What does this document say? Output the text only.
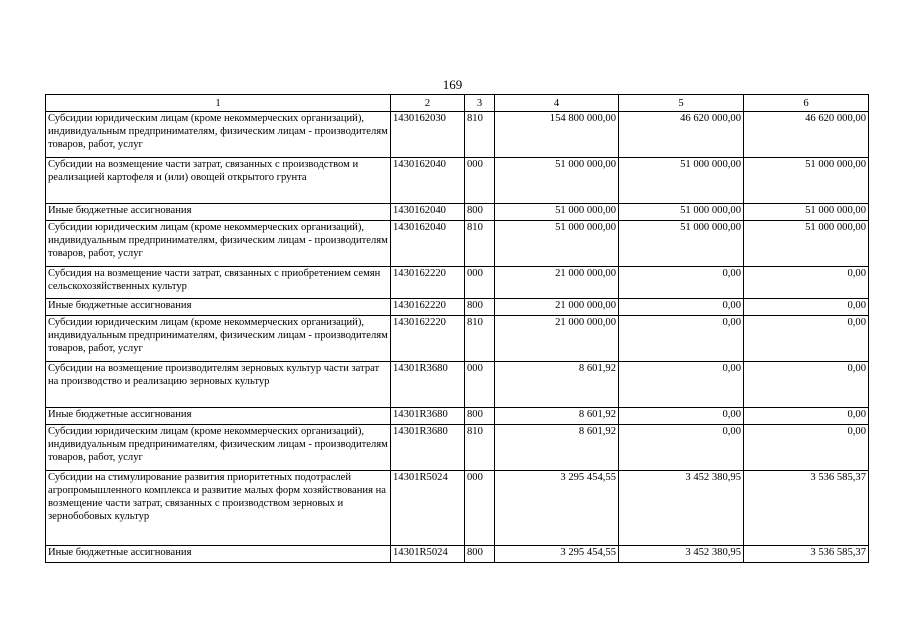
169
1	2	3	4	5	6
Субсидии юридическим лицам (кроме некоммерческих организаций), индивидуальным предпринимателям, физическим лицам - производителям товаров, работ, услуг	1430162030	810	154 800 000,00	46 620 000,00	46 620 000,00
Субсидии на возмещение части затрат, связанных с производством и реализацией картофеля и (или) овощей открытого грунта	1430162040	000	51 000 000,00	51 000 000,00	51 000 000,00
Иные бюджетные ассигнования	1430162040	800	51 000 000,00	51 000 000,00	51 000 000,00
Субсидии юридическим лицам (кроме некоммерческих организаций), индивидуальным предпринимателям, физическим лицам - производителям товаров, работ, услуг	1430162040	810	51 000 000,00	51 000 000,00	51 000 000,00
Субсидия на возмещение части затрат, связанных с приобретением семян сельскохозяйственных культур	1430162220	000	21 000 000,00	0,00	0,00
Иные бюджетные ассигнования	1430162220	800	21 000 000,00	0,00	0,00
Субсидии юридическим лицам (кроме некоммерческих организаций), индивидуальным предпринимателям, физическим лицам - производителям товаров, работ, услуг	1430162220	810	21 000 000,00	0,00	0,00
Субсидии на возмещение производителям зерновых культур части затрат на производство и реализацию зерновых культур	14301R3680	000	8 601,92	0,00	0,00
Иные бюджетные ассигнования	14301R3680	800	8 601,92	0,00	0,00
Субсидии юридическим лицам (кроме некоммерческих организаций), индивидуальным предпринимателям, физическим лицам - производителям товаров, работ, услуг	14301R3680	810	8 601,92	0,00	0,00
Субсидии на стимулирование развития приоритетных подотраслей агропромышленного комплекса и развитие малых форм хозяйствования на возмещение части затрат, связанных с производством зерновых и зернобобовых культур	14301R5024	000	3 295 454,55	3 452 380,95	3 536 585,37
Иные бюджетные ассигнования	14301R5024	800	3 295 454,55	3 452 380,95	3 536 585,37
